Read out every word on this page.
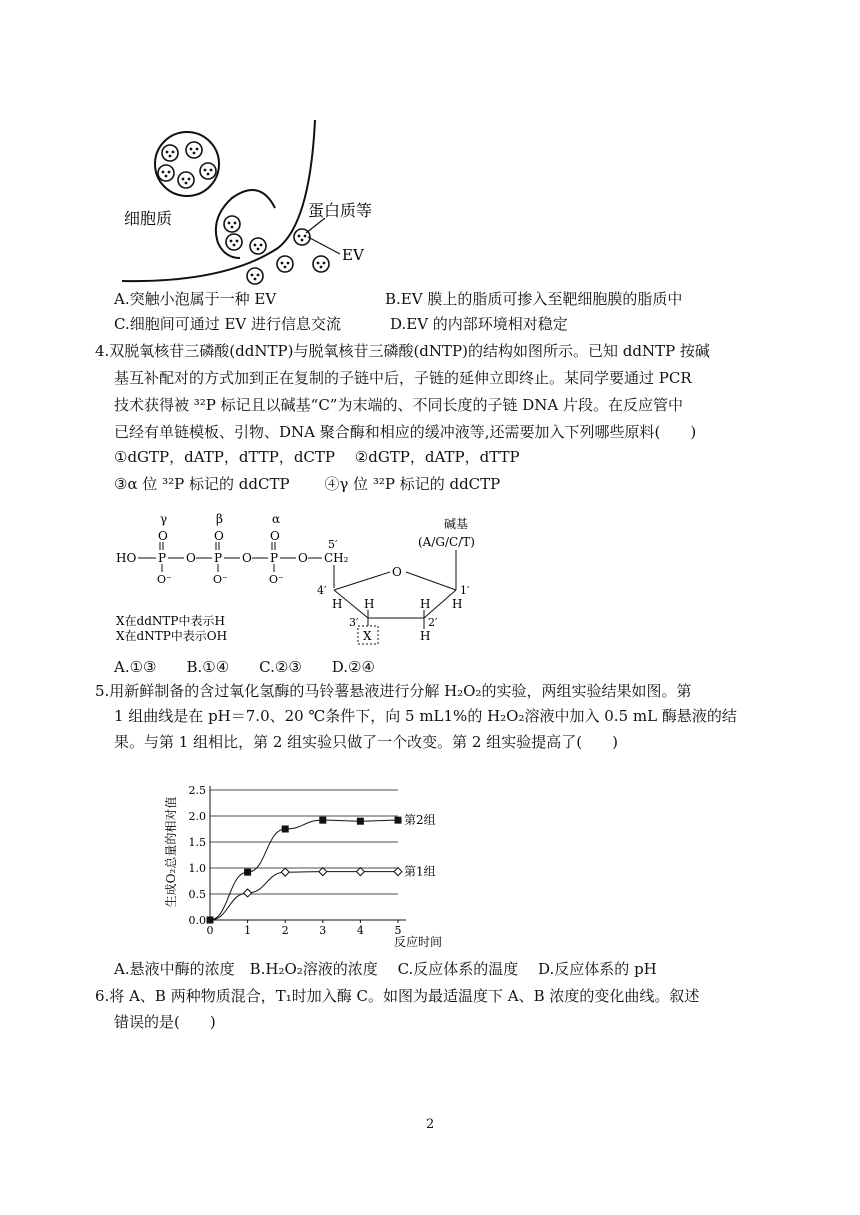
细胞质	蛋白质等
EV
A.突触小泡属于一种 EV	B.EV 膜上的脂质可掺入至靶细胞膜的脂质中
C.细胞间可通过 EV 进行信息交流	D.EV 的内部环境相对稳定
4.双脱氧核苷三磷酸(ddNTP)与脱氧核苷三磷酸(dNTP)的结构如图所示。已知 ddNTP 按碱
基互补配对的方式加到正在复制的子链中后，子链的延伸立即终止。某同学要通过 PCR
技术获得被 ³²P 标记且以碱基“C”为末端的、不同长度的子链 DNA 片段。在反应管中
已经有单链模板、引物、DNA 聚合酶和相应的缓冲液等,还需要加入下列哪些原料(　　)
①dGTP，dATP，dTTP，dCTP　 ②dGTP，dATP，dTTP
③α 位 ³²P 标记的 ddCTP　　 ④γ 位 ³²P 标记的 ddCTP
γ	β	α
O	O	O
HO P O P O P O
5′
CH₂
O⁻	O⁻	O⁻
碱基
(A/G/C/T)
O
4′	1′
H H	H H
3′	2′
X	H
X在ddNTP中表示H
X在dNTP中表示OH
A.①③　　B.①④　　C.②③　　D.②④
5.用新鲜制备的含过氧化氢酶的马铃薯悬液进行分解 H₂O₂的实验，两组实验结果如图。第
1 组曲线是在 pH＝7.0、20 ℃条件下，向 5 mL1%的 H₂O₂溶液中加入 0.5 mL 酶悬液的结
果。与第 1 组相比，第 2 组实验只做了一个改变。第 2 组实验提高了(　　)
生成O₂总量的相对值
反应时间
0.0
0.5
1.0
1.5
2.0
2.5
0	1	2	3	4	5
第2组
第1组
A.悬液中酶的浓度　B.H₂O₂溶液的浓度　 C.反应体系的温度　 D.反应体系的 pH
6.将 A、B 两种物质混合，T₁时加入酶 C。如图为最适温度下 A、B 浓度的变化曲线。叙述
错误的是(　　)
2
